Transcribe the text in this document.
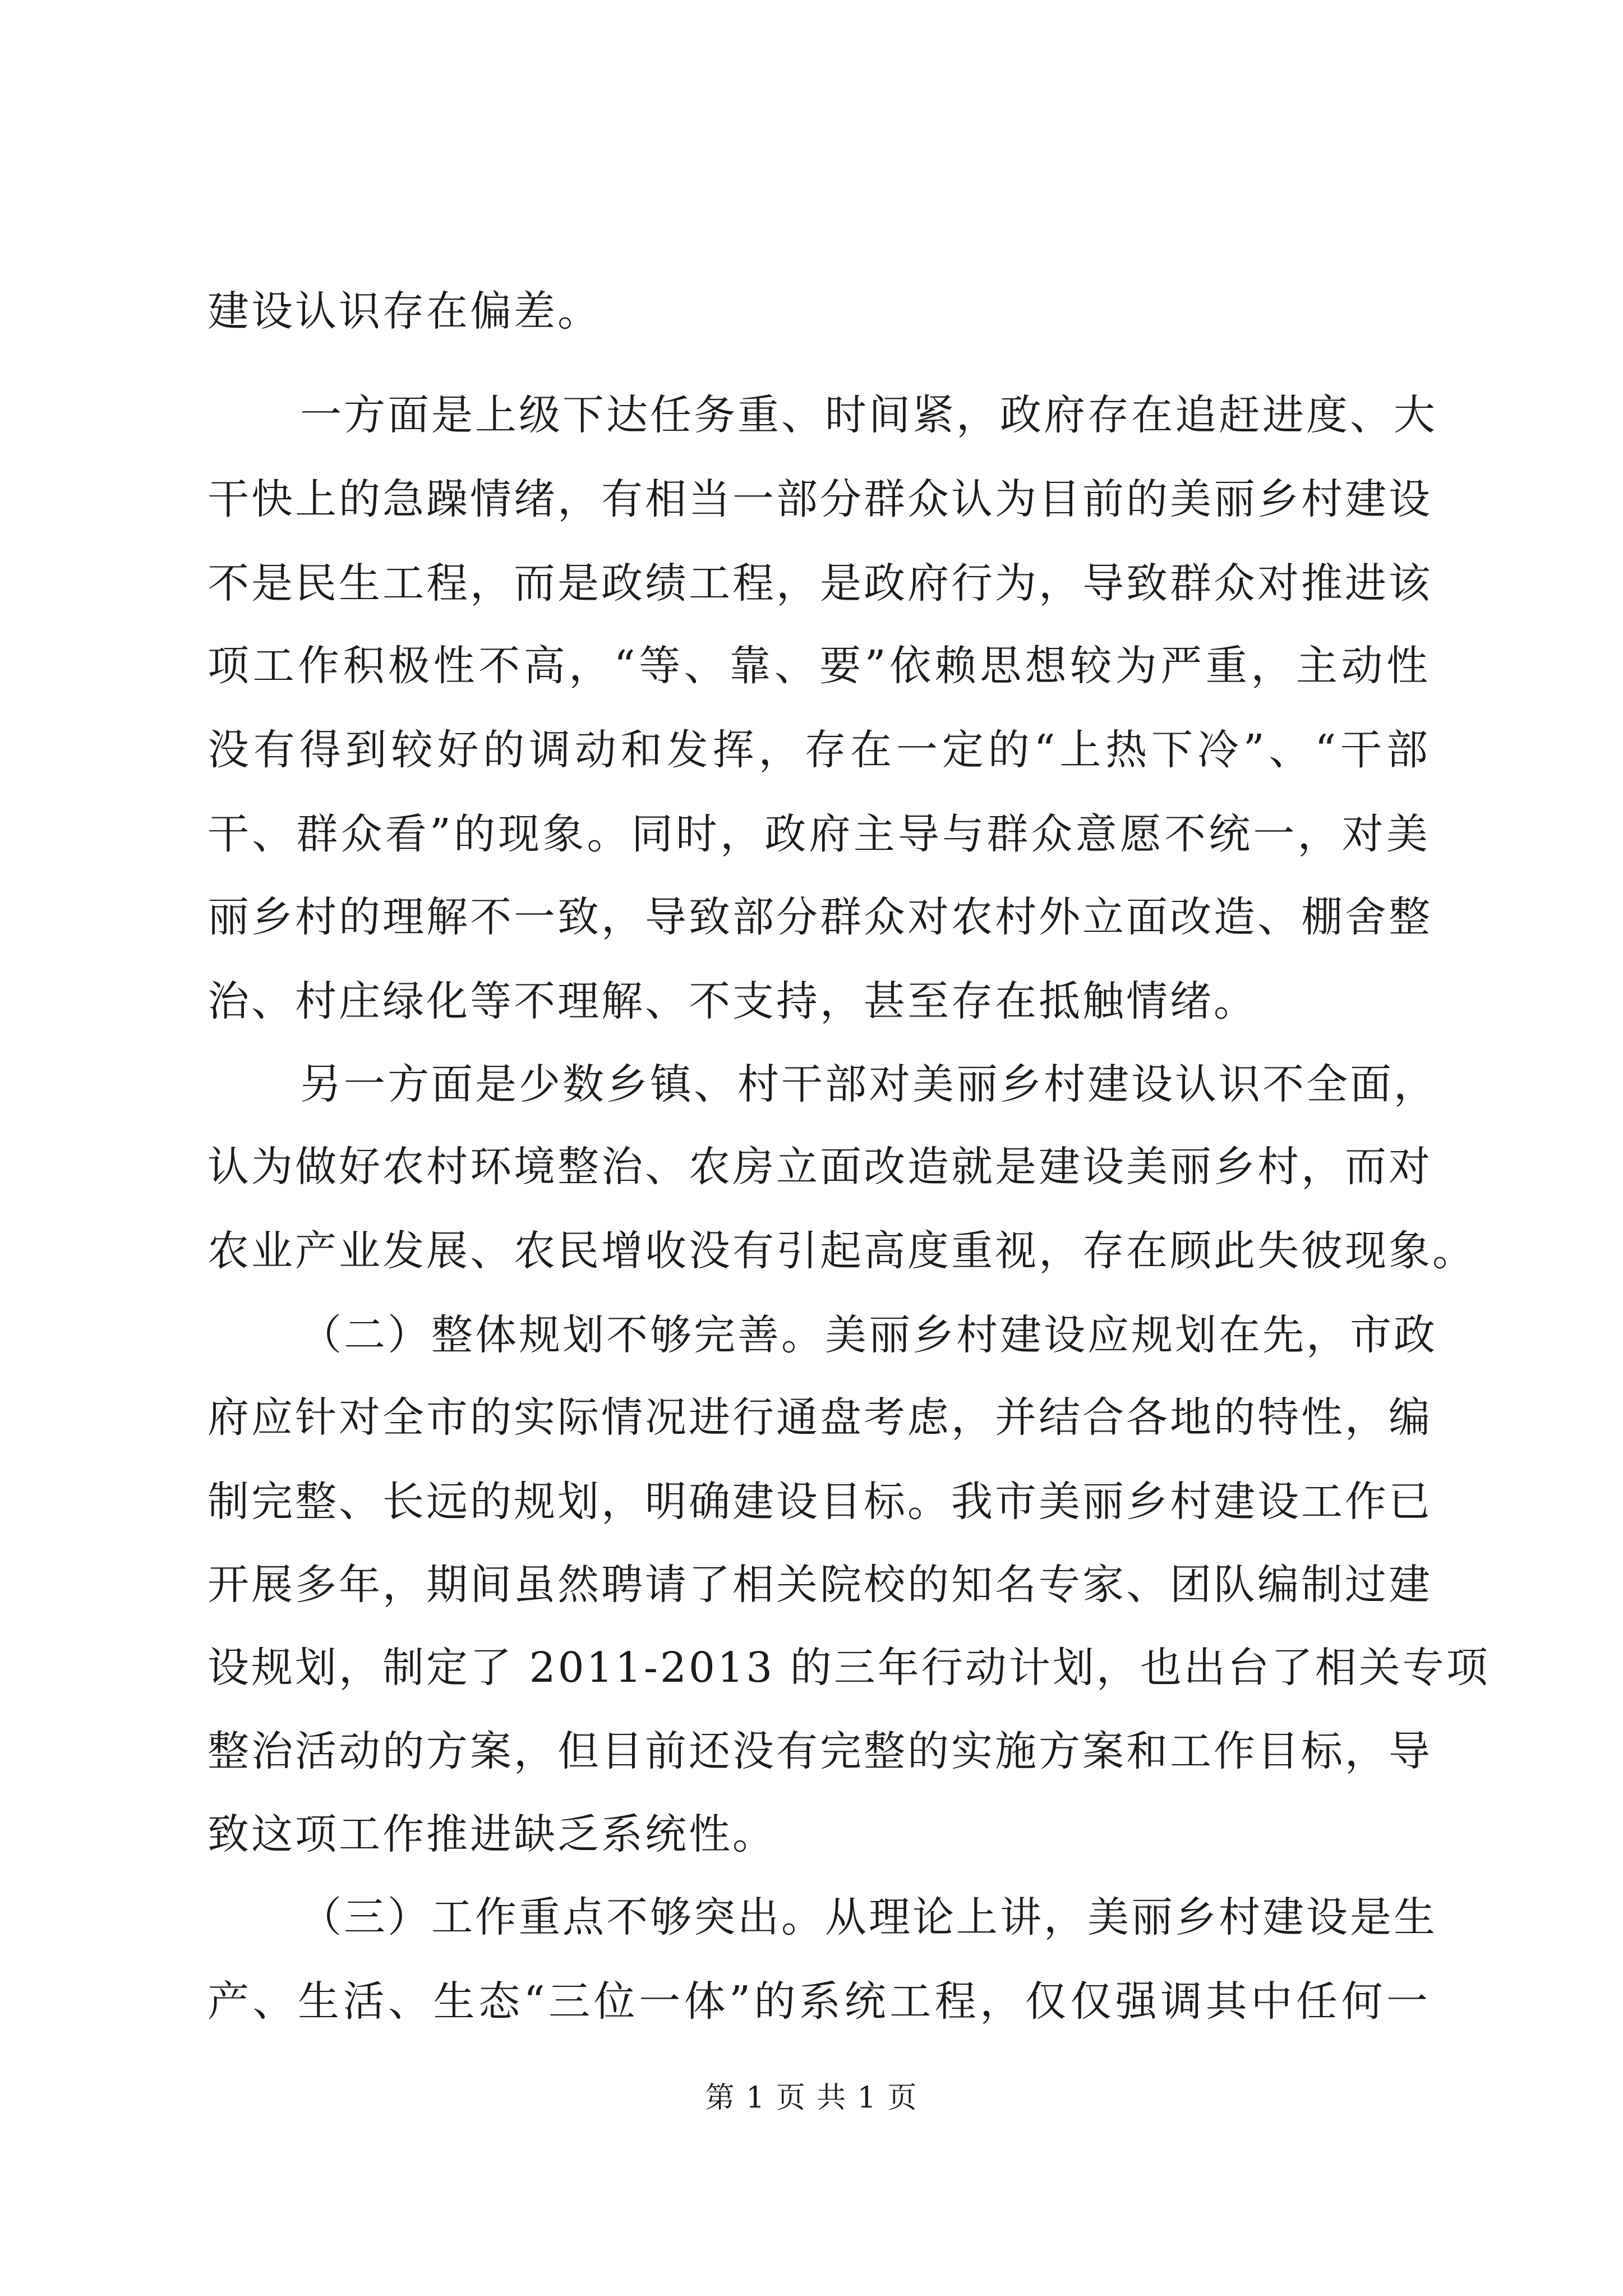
建设认识存在偏差。
一方面是上级下达任务重、时间紧，政府存在追赶进度、大
干快上的急躁情绪，有相当一部分群众认为目前的美丽乡村建设
不是民生工程，而是政绩工程，是政府行为，导致群众对推进该
项工作积极性不高，“等、靠、要”依赖思想较为严重，主动性
没有得到较好的调动和发挥，存在一定的“上热下冷”、“干部
干、群众看”的现象。同时，政府主导与群众意愿不统一，对美
丽乡村的理解不一致，导致部分群众对农村外立面改造、棚舍整
治、村庄绿化等不理解、不支持，甚至存在抵触情绪。
另一方面是少数乡镇、村干部对美丽乡村建设认识不全面，
认为做好农村环境整治、农房立面改造就是建设美丽乡村，而对
农业产业发展、农民增收没有引起高度重视，存在顾此失彼现象。
（二）整体规划不够完善。美丽乡村建设应规划在先，市政
府应针对全市的实际情况进行通盘考虑，并结合各地的特性，编
制完整、长远的规划，明确建设目标。我市美丽乡村建设工作已
开展多年，期间虽然聘请了相关院校的知名专家、团队编制过建
设规划，制定了 2011-2013 的三年行动计划，也出台了相关专项
整治活动的方案，但目前还没有完整的实施方案和工作目标，导
致这项工作推进缺乏系统性。
（三）工作重点不够突出。从理论上讲，美丽乡村建设是生
产、生活、生态“三位一体”的系统工程，仅仅强调其中任何一
第 1 页 共 1 页
